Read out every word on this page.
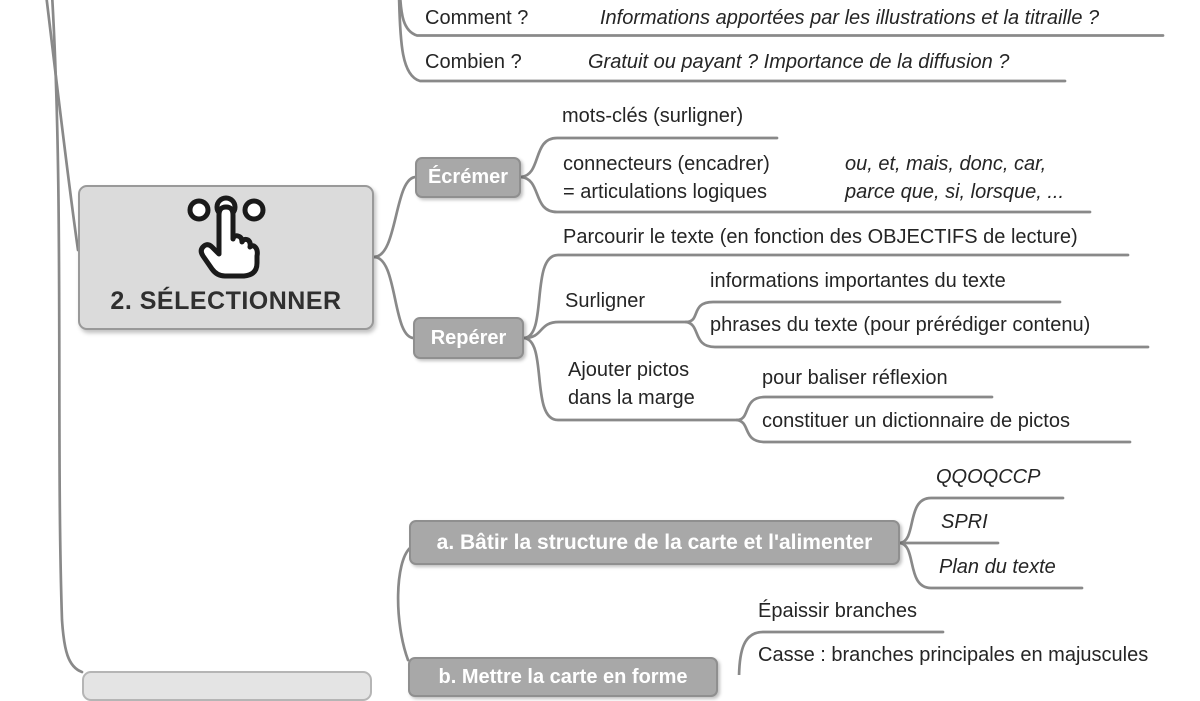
Comment ?	Informations apportées par les illustrations et la titraille ?
Combien ?	Gratuit ou payant ? Importance de la diffusion ?
2. SÉLECTIONNER
Écrémer
mots-clés (surligner)
connecteurs (encadrer)
= articulations logiques
ou, et, mais, donc, car,
parce que, si, lorsque, ...
Repérer
Parcourir le texte (en fonction des OBJECTIFS de lecture)
Surligner
informations importantes du texte
phrases du texte (pour prérédiger contenu)
Ajouter pictos
dans la marge
pour baliser réflexion
constituer un dictionnaire de pictos
a. Bâtir la structure de la carte et l'alimenter
QQOQCCP
SPRI
Plan du texte
b. Mettre la carte en forme
Épaissir branches
Casse : branches principales en majuscules
